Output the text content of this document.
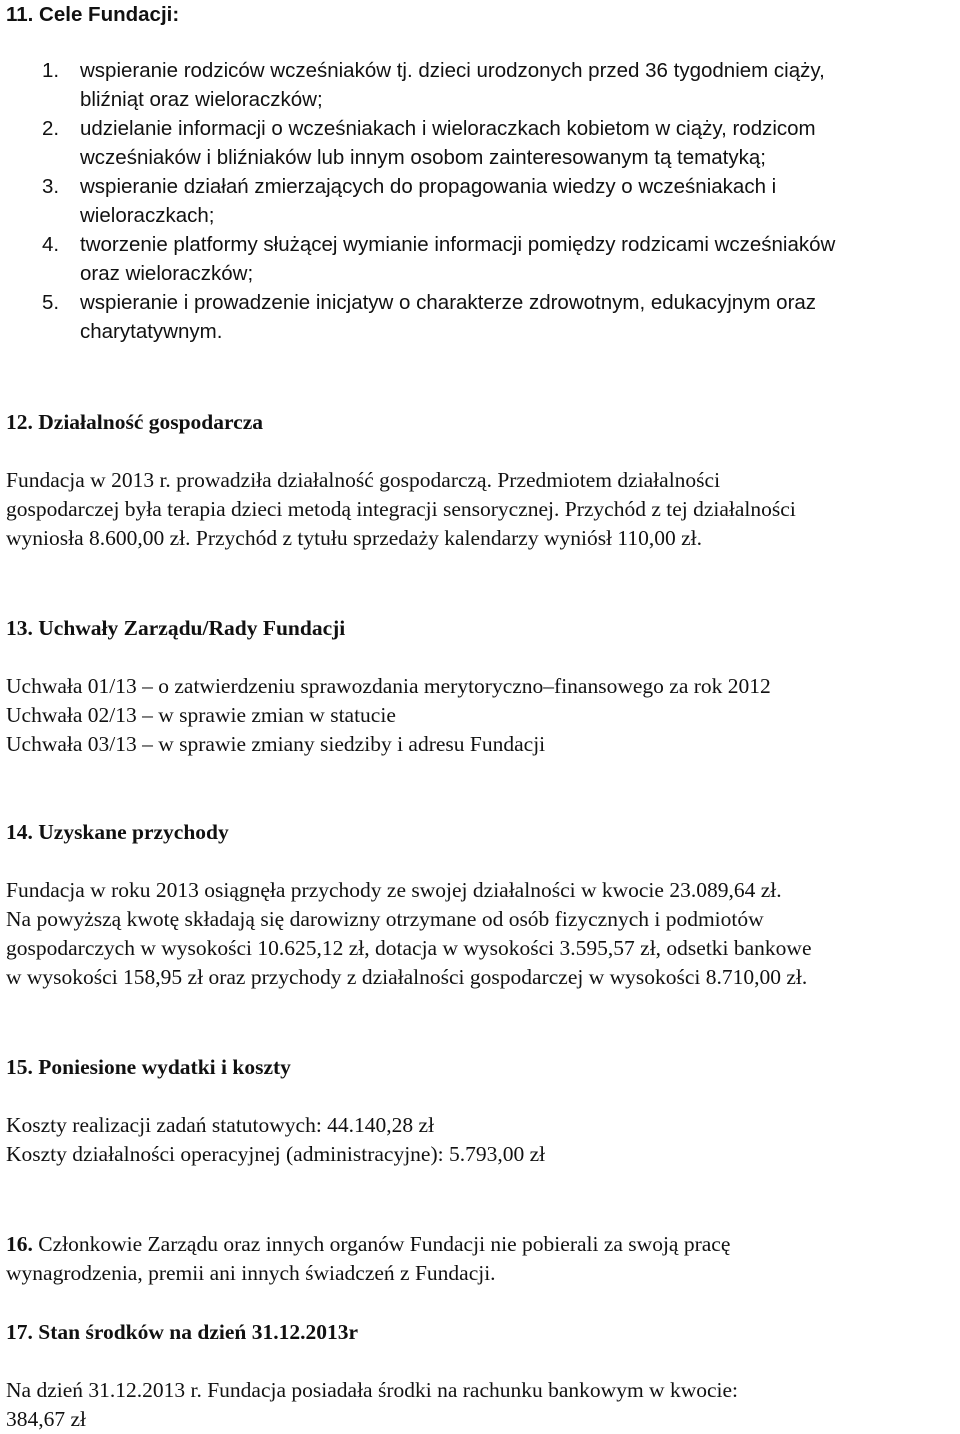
11. Cele Fundacji:

1. wspieranie rodziców wcześniaków tj. dzieci urodzonych przed 36 tygodniem ciąży,

bliźniąt oraz wieloraczków;

2. udzielanie informacji o wcześniakach i wieloraczkach kobietom w ciąży, rodzicom

wcześniaków i bliźniaków lub innym osobom zainteresowanym tą tematyką;

3. wspieranie działań zmierzających do propagowania wiedzy o wcześniakach i

wieloraczkach;

4. tworzenie platformy służącej wymianie informacji pomiędzy rodzicami wcześniaków

oraz wieloraczków;

5. wspieranie i prowadzenie inicjatyw o charakterze zdrowotnym, edukacyjnym oraz

charytatywnym.

12. Działalność gospodarcza

Fundacja w 2013 r. prowadziła działalność gospodarczą. Przedmiotem działalności

gospodarczej była terapia dzieci metodą integracji sensorycznej. Przychód z tej działalności

wyniosła 8.600,00 zł. Przychód z tytułu sprzedaży kalendarzy wyniósł 110,00 zł.

13. Uchwały Zarządu/Rady Fundacji

Uchwała 01/13 – o zatwierdzeniu sprawozdania merytoryczno–finansowego za rok 2012

Uchwała 02/13 – w sprawie zmian w statucie

Uchwała 03/13 – w sprawie zmiany siedziby i adresu Fundacji

14. Uzyskane przychody

Fundacja w roku 2013 osiągnęła przychody ze swojej działalności w kwocie 23.089,64 zł.

Na powyższą kwotę składają się darowizny otrzymane od osób fizycznych i podmiotów

gospodarczych w wysokości 10.625,12 zł, dotacja w wysokości 3.595,57 zł, odsetki bankowe

w wysokości 158,95 zł oraz przychody z działalności gospodarczej w wysokości 8.710,00 zł.

15. Poniesione wydatki i koszty

Koszty realizacji zadań statutowych: 44.140,28 zł

Koszty działalności operacyjnej (administracyjne): 5.793,00 zł

16. Członkowie Zarządu oraz innych organów Fundacji nie pobierali za swoją pracę

wynagrodzenia, premii ani innych świadczeń z Fundacji.

17. Stan środków na dzień 31.12.2013r

Na dzień 31.12.2013 r. Fundacja posiadała środki na rachunku bankowym w kwocie:

384,67 zł
